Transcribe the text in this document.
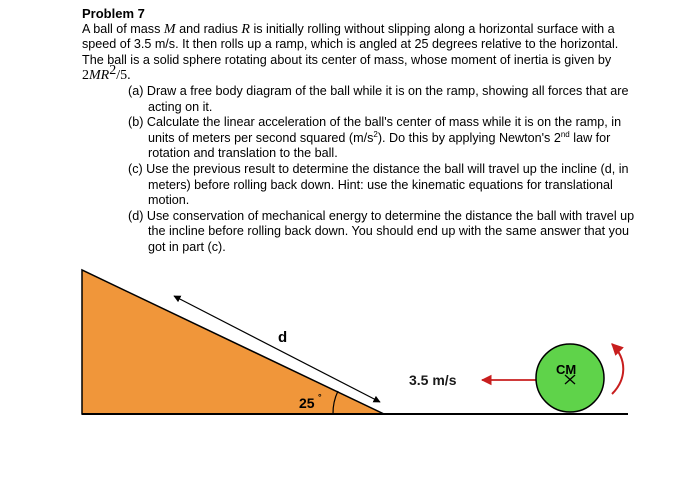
Problem 7

A ball of mass M and radius R is initially rolling without slipping along a horizontal surface with a speed of 3.5 m/s. It then rolls up a ramp, which is angled at 25 degrees relative to the horizontal. The ball is a solid sphere rotating about its center of mass, whose moment of inertia is given by $2MR^2/5$.

(a) Draw a free body diagram of the ball while it is on the ramp, showing all forces that are acting on it.
(b) Calculate the linear acceleration of the ball's center of mass while it is on the ramp, in units of meters per second squared $(m/s^2)$. Do this by applying Newton's 2nd law for rotation and translation to the ball.
(c) Use the previous result to determine the distance the ball will travel up the incline (d, in meters) before rolling back down. Hint: use the kinematic equations for translational motion.
(d) Use conservation of mechanical energy to determine the distance the ball with travel up the incline before rolling back down. You should end up with the same answer that you got in part (c).
d
25 °
3.5 m/s
CM
